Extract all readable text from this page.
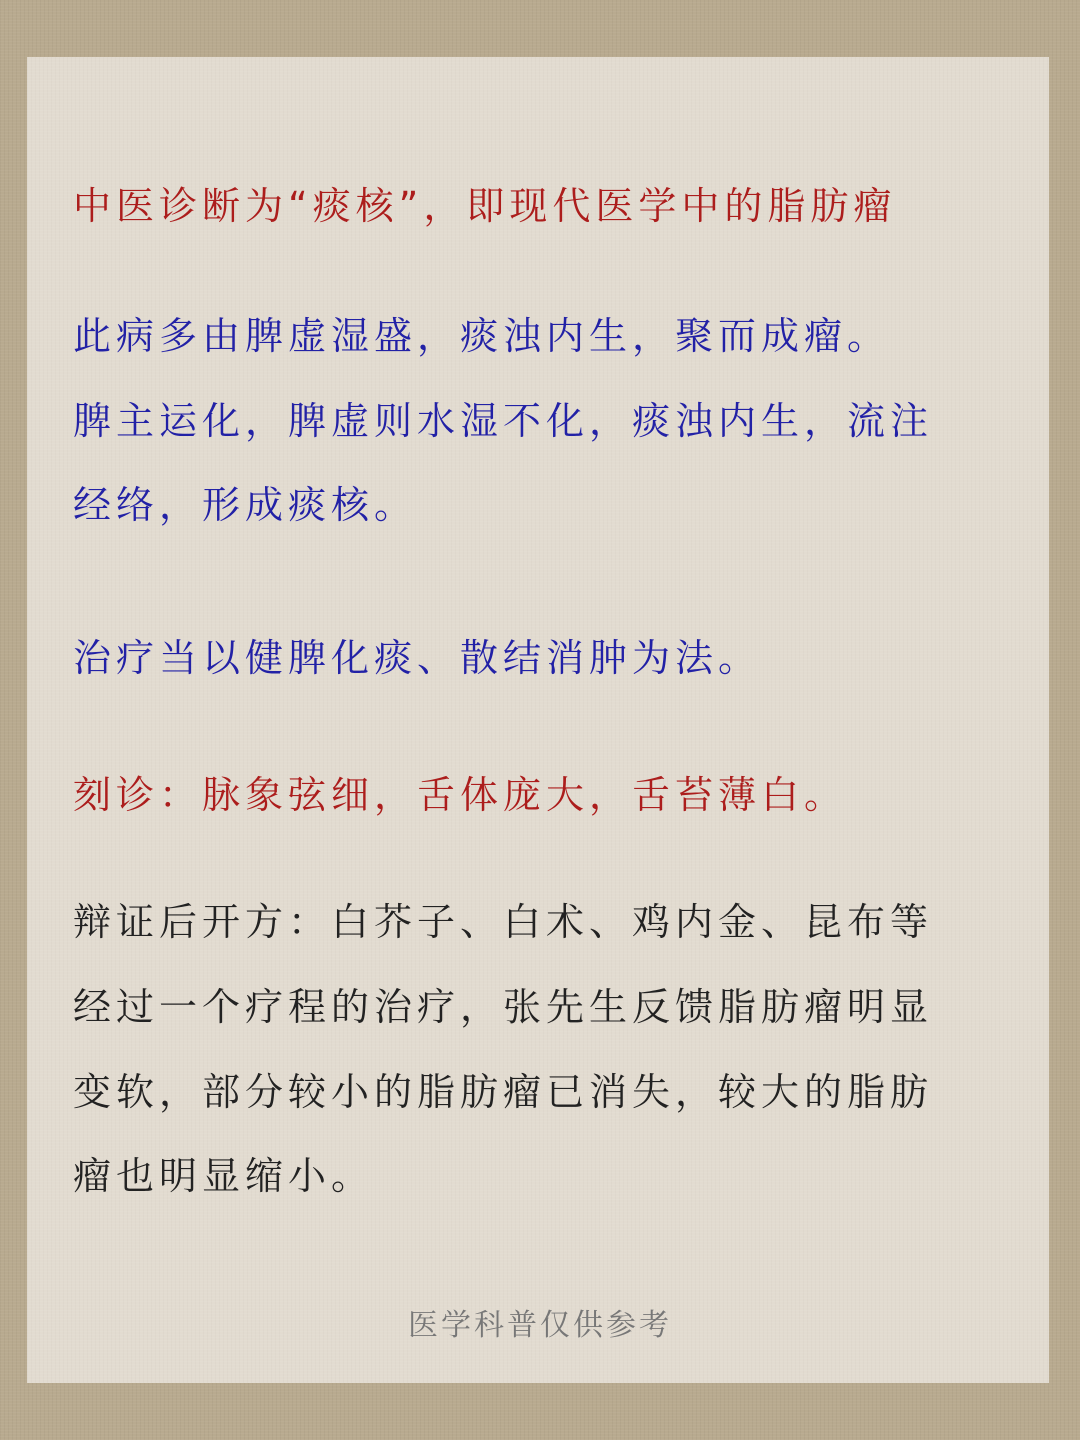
中医诊断为“痰核”，即现代医学中的脂肪瘤
此病多由脾虚湿盛，痰浊内生，聚而成瘤。
脾主运化，脾虚则水湿不化，痰浊内生，流注
经络，形成痰核。
治疗当以健脾化痰、散结消肿为法。
刻诊：脉象弦细，舌体庞大，舌苔薄白。
辩证后开方：白芥子、白术、鸡内金、昆布等
经过一个疗程的治疗，张先生反馈脂肪瘤明显
变软，部分较小的脂肪瘤已消失，较大的脂肪
瘤也明显缩小。
医学科普仅供参考
